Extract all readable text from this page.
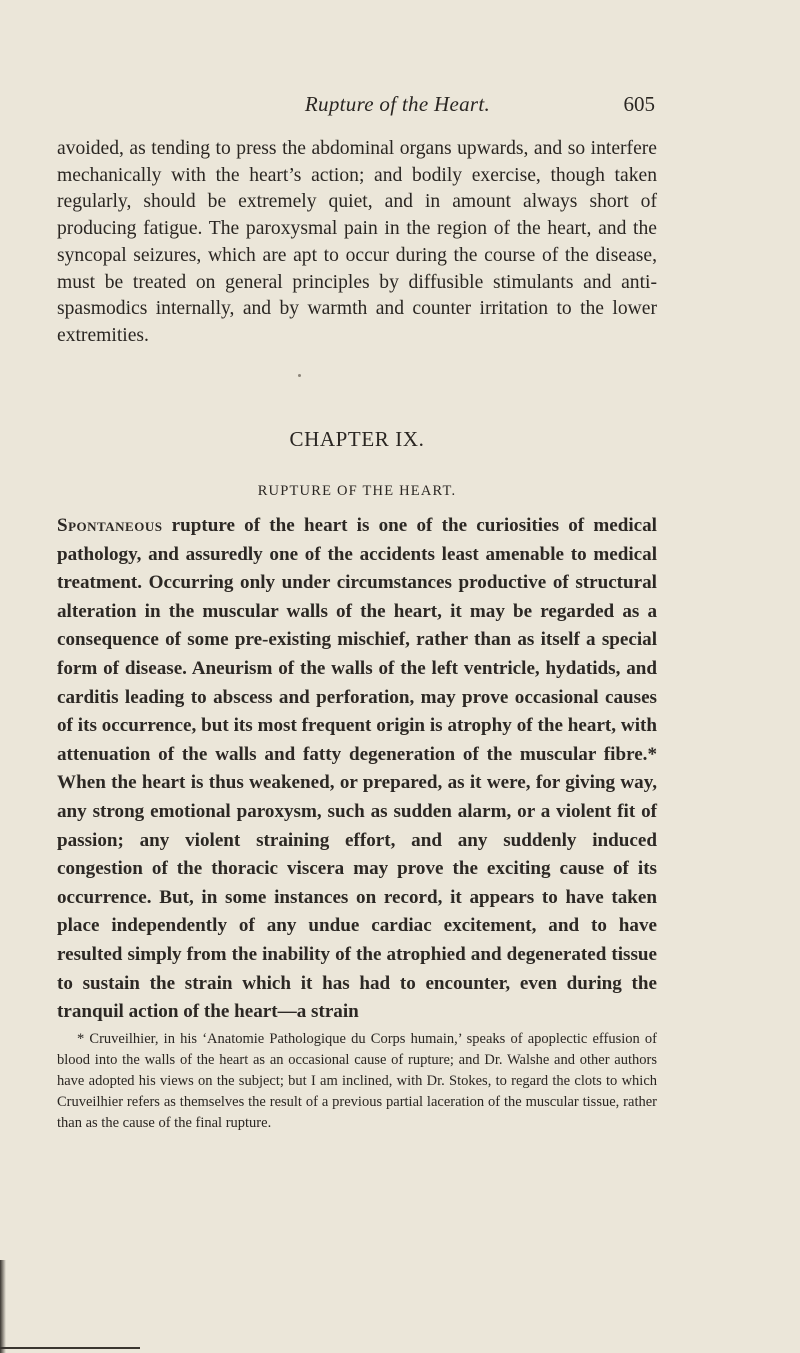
Rupture of the Heart.	605

avoided, as tending to press the abdominal organs upwards, and so interfere mechanically with the heart’s action; and bodily exercise, though taken regularly, should be extremely quiet, and in amount always short of producing fatigue. The paroxysmal pain in the region of the heart, and the syncopal seizures, which are apt to occur during the course of the disease, must be treated on general principles by diffusible stimulants and anti-spasmodics internally, and by warmth and counter irritation to the lower extremities.

CHAPTER IX.
RUPTURE OF THE HEART.

Spontaneous rupture of the heart is one of the curiosities of medical pathology, and assuredly one of the accidents least amenable to medical treatment. Occurring only under circumstances productive of structural alteration in the muscular walls of the heart, it may be regarded as a consequence of some pre-existing mischief, rather than as itself a special form of disease. Aneurism of the walls of the left ventricle, hydatids, and carditis leading to abscess and perforation, may prove occasional causes of its occurrence, but its most frequent origin is atrophy of the heart, with attenuation of the walls and fatty degeneration of the muscular fibre.* When the heart is thus weakened, or prepared, as it were, for giving way, any strong emotional paroxysm, such as sudden alarm, or a violent fit of passion; any violent straining effort, and any suddenly induced congestion of the thoracic viscera may prove the exciting cause of its occurrence. But, in some instances on record, it appears to have taken place independently of any undue cardiac excitement, and to have resulted simply from the inability of the atrophied and degenerated tissue to sustain the strain which it has had to encounter, even during the tranquil action of the heart—a strain

* Cruveilhier, in his ‘Anatomie Pathologique du Corps humain,’ speaks of apoplectic effusion of blood into the walls of the heart as an occasional cause of rupture; and Dr. Walshe and other authors have adopted his views on the subject; but I am inclined, with Dr. Stokes, to regard the clots to which Cruveilhier refers as themselves the result of a previous partial laceration of the muscular tissue, rather than as the cause of the final rupture.
